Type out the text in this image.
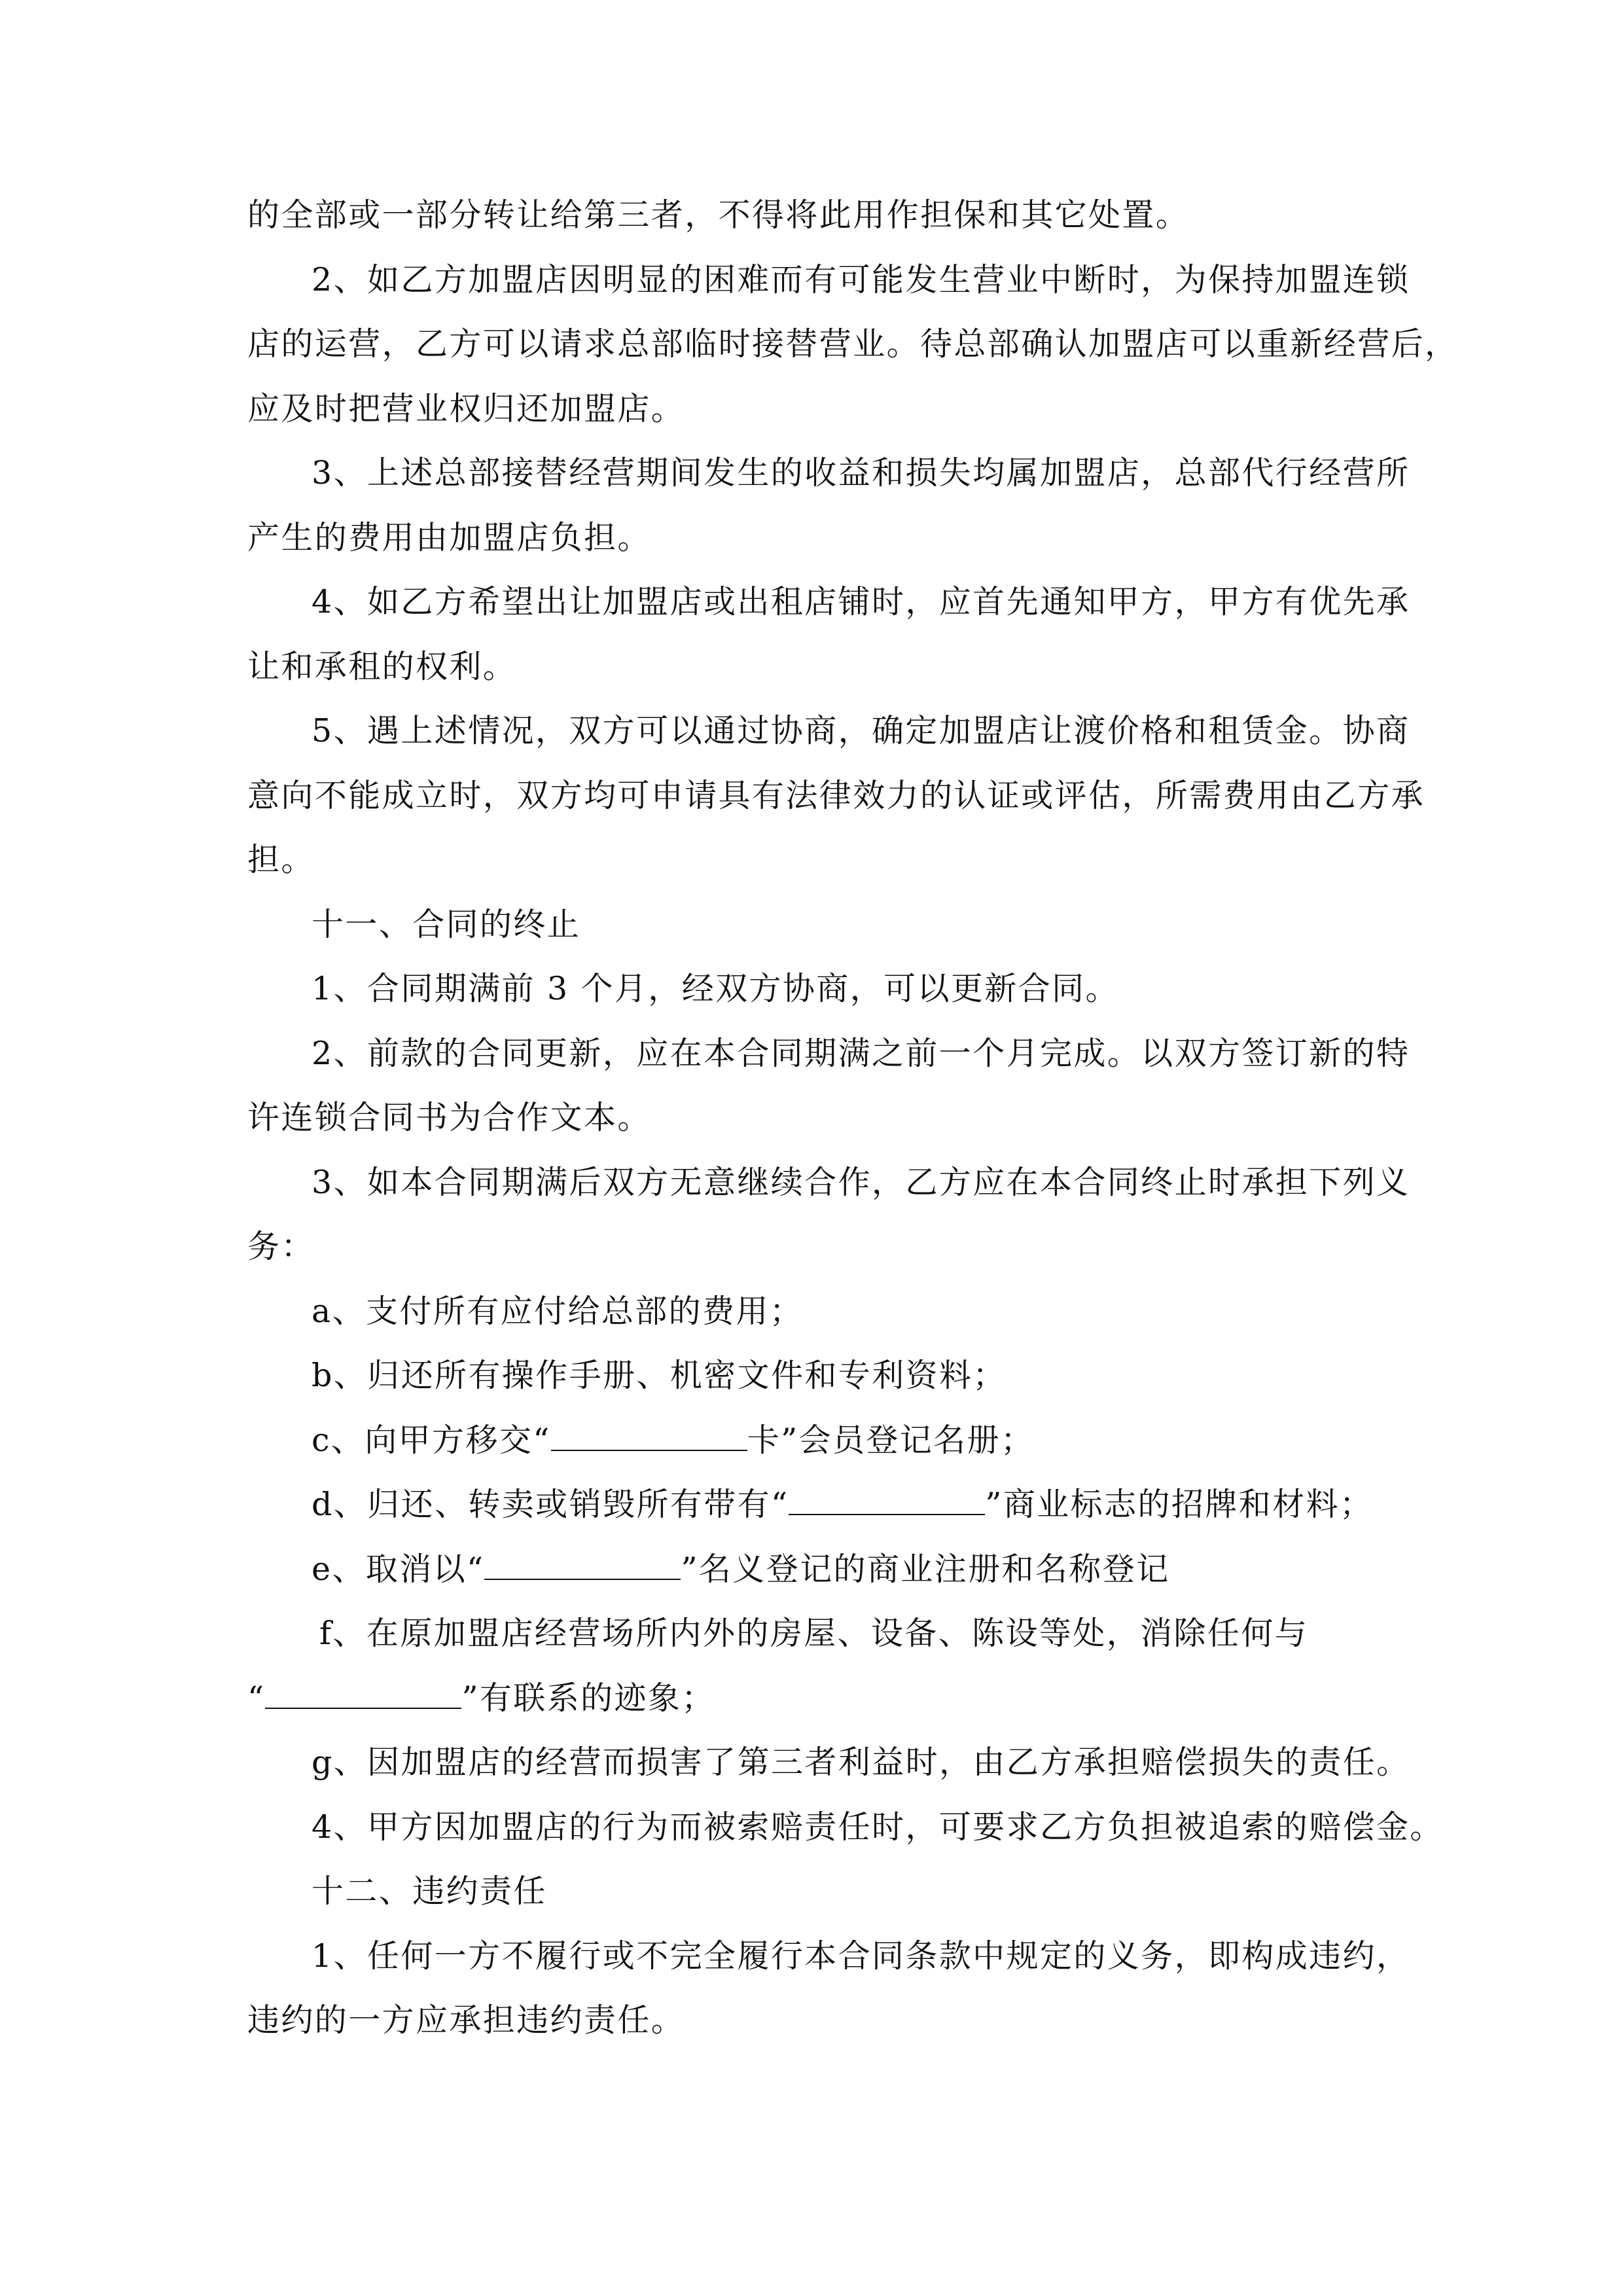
的全部或一部分转让给第三者，不得将此用作担保和其它处置。

2、如乙方加盟店因明显的困难而有可能发生营业中断时，为保持加盟连锁

店的运营，乙方可以请求总部临时接替营业。待总部确认加盟店可以重新经营后，

应及时把营业权归还加盟店。

3、上述总部接替经营期间发生的收益和损失均属加盟店，总部代行经营所

产生的费用由加盟店负担。

4、如乙方希望出让加盟店或出租店铺时，应首先通知甲方，甲方有优先承

让和承租的权利。

5、遇上述情况，双方可以通过协商，确定加盟店让渡价格和租赁金。协商

意向不能成立时，双方均可申请具有法律效力的认证或评估，所需费用由乙方承

担。

十一、合同的终止

1、合同期满前 3 个月，经双方协商，可以更新合同。

2、前款的合同更新，应在本合同期满之前一个月完成。以双方签订新的特

许连锁合同书为合作文本。

3、如本合同期满后双方无意继续合作，乙方应在本合同终止时承担下列义

务：

a、支付所有应付给总部的费用；

b、归还所有操作手册、机密文件和专利资料；

c、向甲方移交“	卡”会员登记名册；

d、归还、转卖或销毁所有带有“	”商业标志的招牌和材料；

e、取消以“	”名义登记的商业注册和名称登记

f、在原加盟店经营场所内外的房屋、设备、陈设等处，消除任何与

“	”有联系的迹象；

g、因加盟店的经营而损害了第三者利益时，由乙方承担赔偿损失的责任。

4、甲方因加盟店的行为而被索赔责任时，可要求乙方负担被追索的赔偿金。

十二、违约责任

1、任何一方不履行或不完全履行本合同条款中规定的义务，即构成违约，

违约的一方应承担违约责任。
